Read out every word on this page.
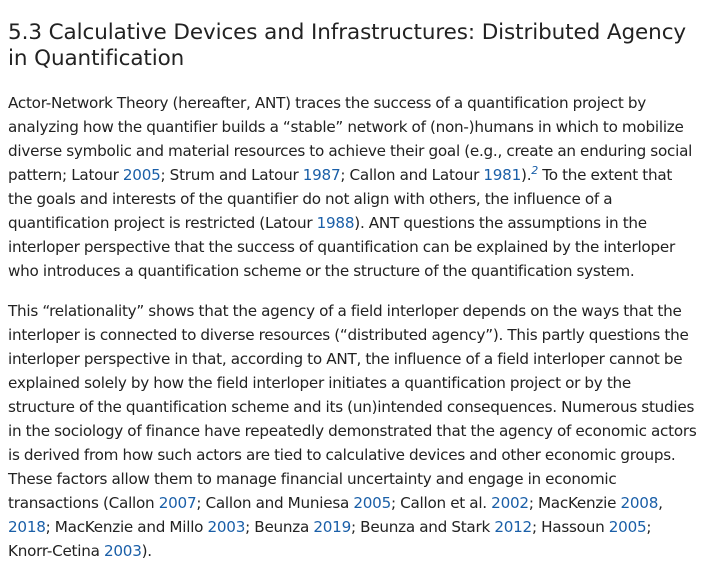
5.3 Calculative Devices and Infrastructures: Distributed Agency in Quantification

Actor-Network Theory (hereafter, ANT) traces the success of a quantification project by analyzing how the quantifier builds a “stable” network of (non-)humans in which to mobilize diverse symbolic and material resources to achieve their goal (e.g., create an enduring social pattern; Latour 2005; Strum and Latour 1987; Callon and Latour 1981).$^2$ To the extent that the goals and interests of the quantifier do not align with others, the influence of a quantification project is restricted (Latour 1988). ANT questions the assumptions in the interloper perspective that the success of quantification can be explained by the interloper who introduces a quantification scheme or the structure of the quantification system.

This “relationality” shows that the agency of a field interloper depends on the ways that the interloper is connected to diverse resources (“distributed agency”). This partly questions the interloper perspective in that, according to ANT, the influence of a field interloper cannot be explained solely by how the field interloper initiates a quantification project or by the structure of the quantification scheme and its (un)intended consequences. Numerous studies in the sociology of finance have repeatedly demonstrated that the agency of economic actors is derived from how such actors are tied to calculative devices and other economic groups. These factors allow them to manage financial uncertainty and engage in economic transactions (Callon 2007; Callon and Muniesa 2005; Callon et al. 2002; MacKenzie 2008, 2018; MacKenzie and Millo 2003; Beunza 2019; Beunza and Stark 2012; Hassoun 2005; Knorr-Cetina 2003).
